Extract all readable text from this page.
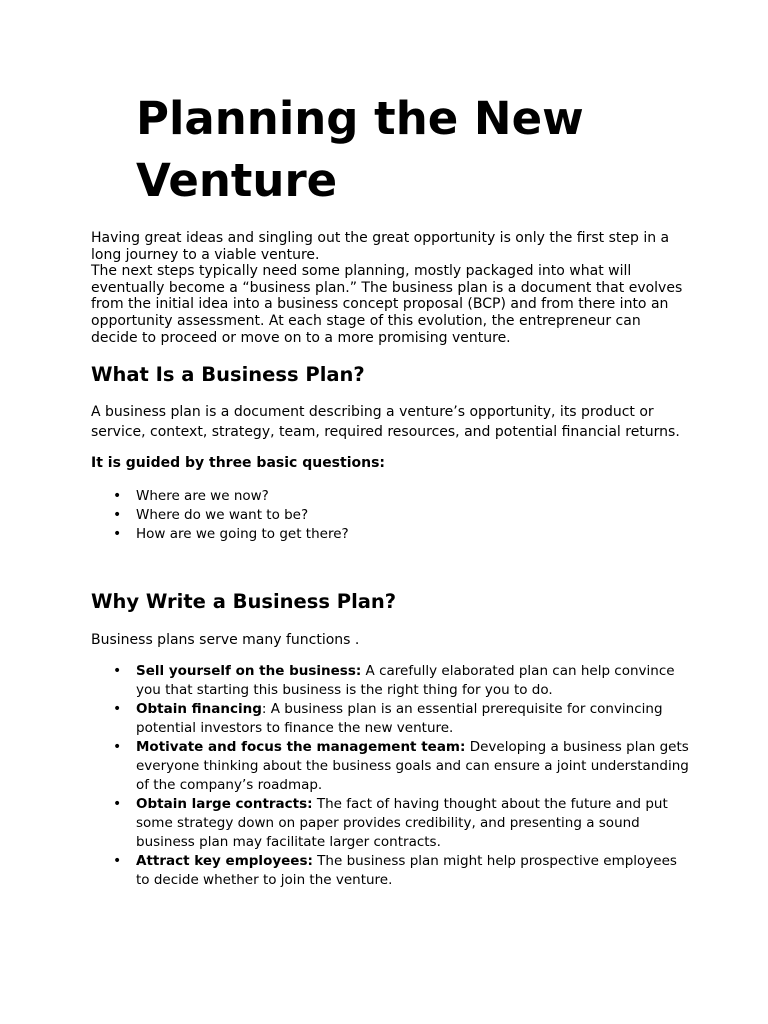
Planning the New Venture

Having great ideas and singling out the great opportunity is only the first step in a long journey to a viable venture.

The next steps typically need some planning, mostly packaged into what will eventually become a “business plan.” The business plan is a document that evolves from the initial idea into a business concept proposal (BCP) and from there into an opportunity assessment. At each stage of this evolution, the entrepreneur can decide to proceed or move on to a more promising venture.

What Is a Business Plan?

A business plan is a document describing a venture’s opportunity, its product or service, context, strategy, team, required resources, and potential financial returns.

It is guided by three basic questions:

• Where are we now?
• Where do we want to be?
• How are we going to get there?
Why Write a Business Plan?

Business plans serve many functions .

• Sell yourself on the business: A carefully elaborated plan can help convince you that starting this business is the right thing for you to do.
• Obtain financing: A business plan is an essential prerequisite for convincing potential investors to finance the new venture.
• Motivate and focus the management team: Developing a business plan gets everyone thinking about the business goals and can ensure a joint understanding of the company’s roadmap.
• Obtain large contracts: The fact of having thought about the future and put some strategy down on paper provides credibility, and presenting a sound business plan may facilitate larger contracts.
• Attract key employees: The business plan might help prospective employees to decide whether to join the venture.
